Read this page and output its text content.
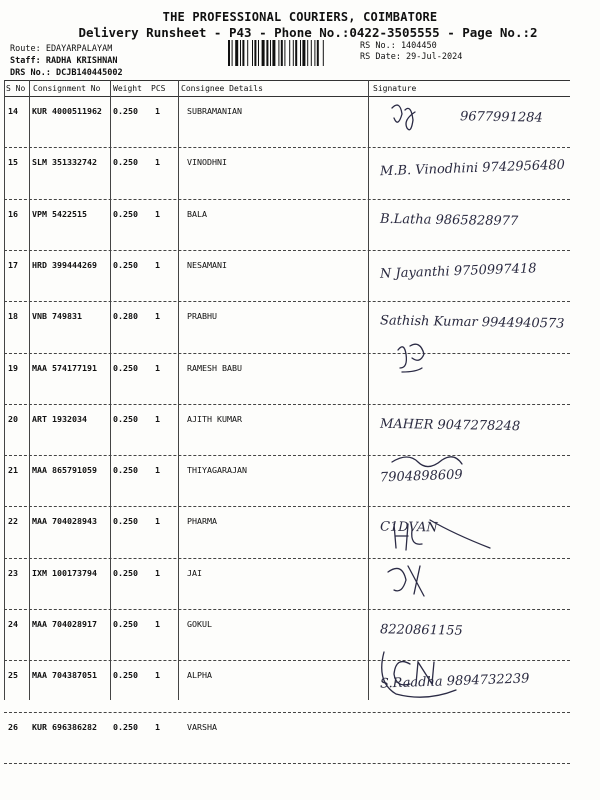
THE PROFESSIONAL COURIERS, COIMBATORE
Delivery Runsheet - P43 - Phone No.:0422-3505555 - Page No.:2
Route: EDAYARPALAYAM
Staff: RADHA KRISHNAN
DRS No.: DCJB140445002
RS No.: 1404450
RS Date: 29-Jul-2024
S No Consignment No Weight PCS Consignee Details	Signature
14 KUR 4000511962 0.250 1	SUBRAMANIAN	9677991284
15 SLM 351332742 0.250 1	VINODHNI	M.B. Vinodhini 9742956480
16 VPM 5422515	0.250 1	BALA	B.Latha 9865828977
17 HRD 399444269 0.250 1	NESAMANI	N Jayanthi 9750997418
18 VNB 749831	0.280 1	PRABHU	Sathish Kumar 9944940573
19 MAA 574177191 0.250 1	RAMESH BABU
20 ART 1932034	0.250 1	AJITH KUMAR	MAHER 9047278248
21 MAA 865791059 0.250 1	THIYAGARAJAN	7904898609
22 MAA 704028943 0.250 1	PHARMA	C1DVAN
23 IXM 100173794 0.250 1	JAI
24 MAA 704028917 0.250 1	GOKUL	8220861155
25 MAA 704387051 0.250 1	ALPHA	S.Raadha 9894732239
26 KUR 696386282 0.250 1	VARSHA
